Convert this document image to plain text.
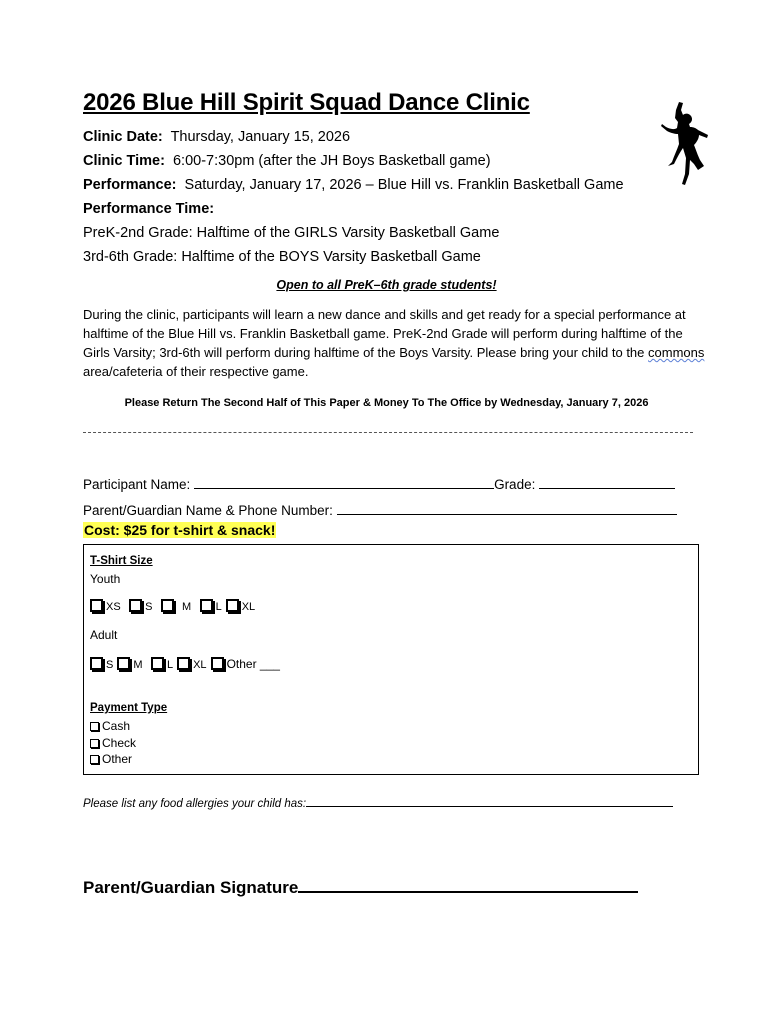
2026 Blue Hill Spirit Squad Dance Clinic
Clinic Date: Thursday, January 15, 2026
Clinic Time: 6:00-7:30pm (after the JH Boys Basketball game)
Performance: Saturday, January 17, 2026 – Blue Hill vs. Franklin Basketball Game
Performance Time:
PreK-2nd Grade: Halftime of the GIRLS Varsity Basketball Game
3rd-6th Grade: Halftime of the BOYS Varsity Basketball Game
Open to all PreK–6th grade students!
During the clinic, participants will learn a new dance and skills and get ready for a special performance at halftime of the Blue Hill vs. Franklin Basketball game. PreK-2nd Grade will perform during halftime of the Girls Varsity; 3rd-6th will perform during halftime of the Boys Varsity. Please bring your child to the commons area/cafeteria of their respective game.
Please Return The Second Half of This Paper & Money To The Office by Wednesday, January 7, 2026
Participant Name:	Grade:
Parent/Guardian Name & Phone Number:
Cost: $25 for t-shirt & snack!
T-Shirt Size
Youth
XS S	M L XL
Adult
S M L XL Other ___
Payment Type
Cash
Check
Other
Please list any food allergies your child has:
Parent/Guardian Signature
